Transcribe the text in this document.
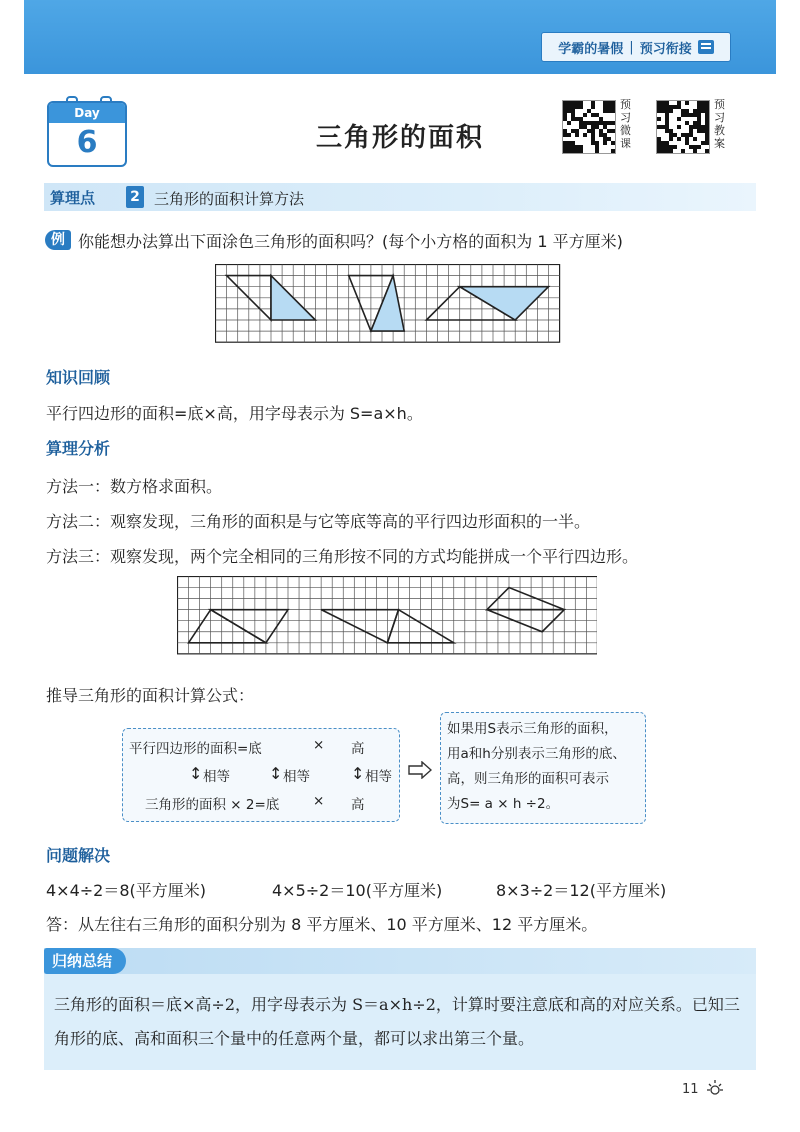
学霸的暑假 | 预习衔接
Day
6	三角形的面积
预习微课
预习教案
算理点	2 三角形的面积计算方法
例 你能想办法算出下面涂色三角形的面积吗？(每个小方格的面积为 1 平方厘米)
知识回顾
平行四边形的面积=底×高，用字母表示为 S=a×h。
算理分析
方法一：数方格求面积。
方法二：观察发现，三角形的面积是与它等底等高的平行四边形面积的一半。
方法三：观察发现，两个完全相同的三角形按不同的方式均能拼成一个平行四边形。
推导三角形的面积计算公式：
平行四边形的面积=底	× 高
↕ 相等 ↕ 相等	↕ 相等
三角形的面积 × 2=底 × 高
如果用S表示三角形的面积，
用a和h分别表示三角形的底、
高，则三角形的面积可表示
为S= a × h ÷2。
问题解决
4×4÷2＝8(平方厘米)	4×5÷2＝10(平方厘米)	8×3÷2＝12(平方厘米)
答：从左往右三角形的面积分别为 8 平方厘米、10 平方厘米、12 平方厘米。
归纳总结
三角形的面积＝底×高÷2，用字母表示为 S＝a×h÷2，计算时要注意底和高的对应关系。已知三角形的底、高和面积三个量中的任意两个量，都可以求出第三个量。
11
